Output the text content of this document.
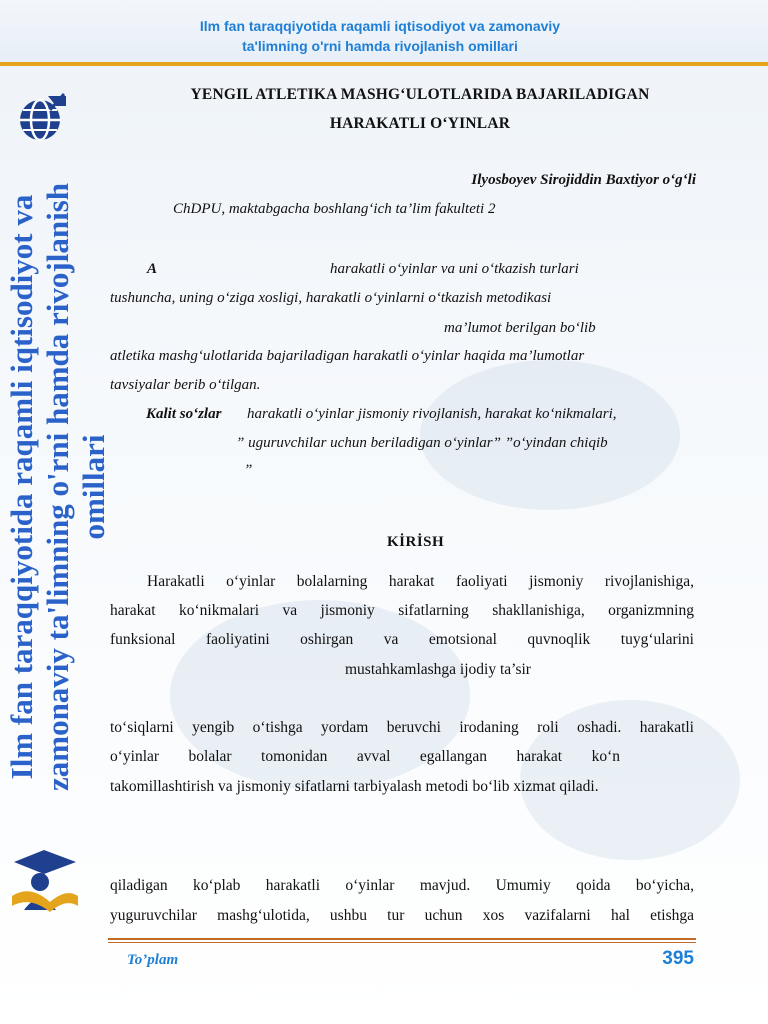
Ilm fan taraqqiyotida raqamli iqtisodiyot va zamonaviy
ta'limning o'rni hamda rivojlanish omillari
Ilm fan taraqqiyotida raqamli iqtisodiyot va zamonaviy ta'limning o'rni hamda rivojlanish omillari
YENGIL ATLETIKA MASHG‘ULOTLARIDA BAJARILADIGAN
HARAKATLI O‘YINLAR
Ilyosboyev Sirojiddin Baxtiyor o‘g‘li
ChDPU, maktabgacha boshlang‘ich ta’lim fakulteti 2
A	harakatli o‘yinlar va uni o‘tkazish turlari
tushuncha, uning o‘ziga xosligi, harakatli o‘yinlarni o‘tkazish metodikasi
ma’lumot berilgan bo‘lib
atletika mashg‘ulotlarida bajariladigan harakatli o‘yinlar haqida ma’lumotlar
tavsiyalar berib o‘tilgan.
Kalit so‘zlar harakatli o‘yinlar jismoniy rivojlanish, harakat ko‘nikmalari,
” uguruvchilar uchun beriladigan o‘yinlar” ”o‘yindan chiqib
”
KİRİSH
Harakatli o‘yinlar bolalarning harakat faoliyati jismoniy rivojlanishiga,
harakat ko‘nikmalari va jismoniy sifatlarning shakllanishiga, organizmning
funksional faoliyatini oshirgan va emotsional quvnoqlik tuyg‘ularini
mustahkamlashga ijodiy ta’sir
to‘siqlarni yengib o‘tishga yordam beruvchi irodaning roli oshadi. harakatli
o‘yinlar bolalar tomonidan avval egallangan harakat ko‘n
takomillashtirish va jismoniy sifatlarni tarbiyalash metodi bo‘lib xizmat qiladi.
qiladigan ko‘plab harakatli o‘yinlar mavjud. Umumiy qoida bo‘yicha,
yuguruvchilar mashg‘ulotida, ushbu tur uchun xos vazifalarni hal etishga
To’plam	395
